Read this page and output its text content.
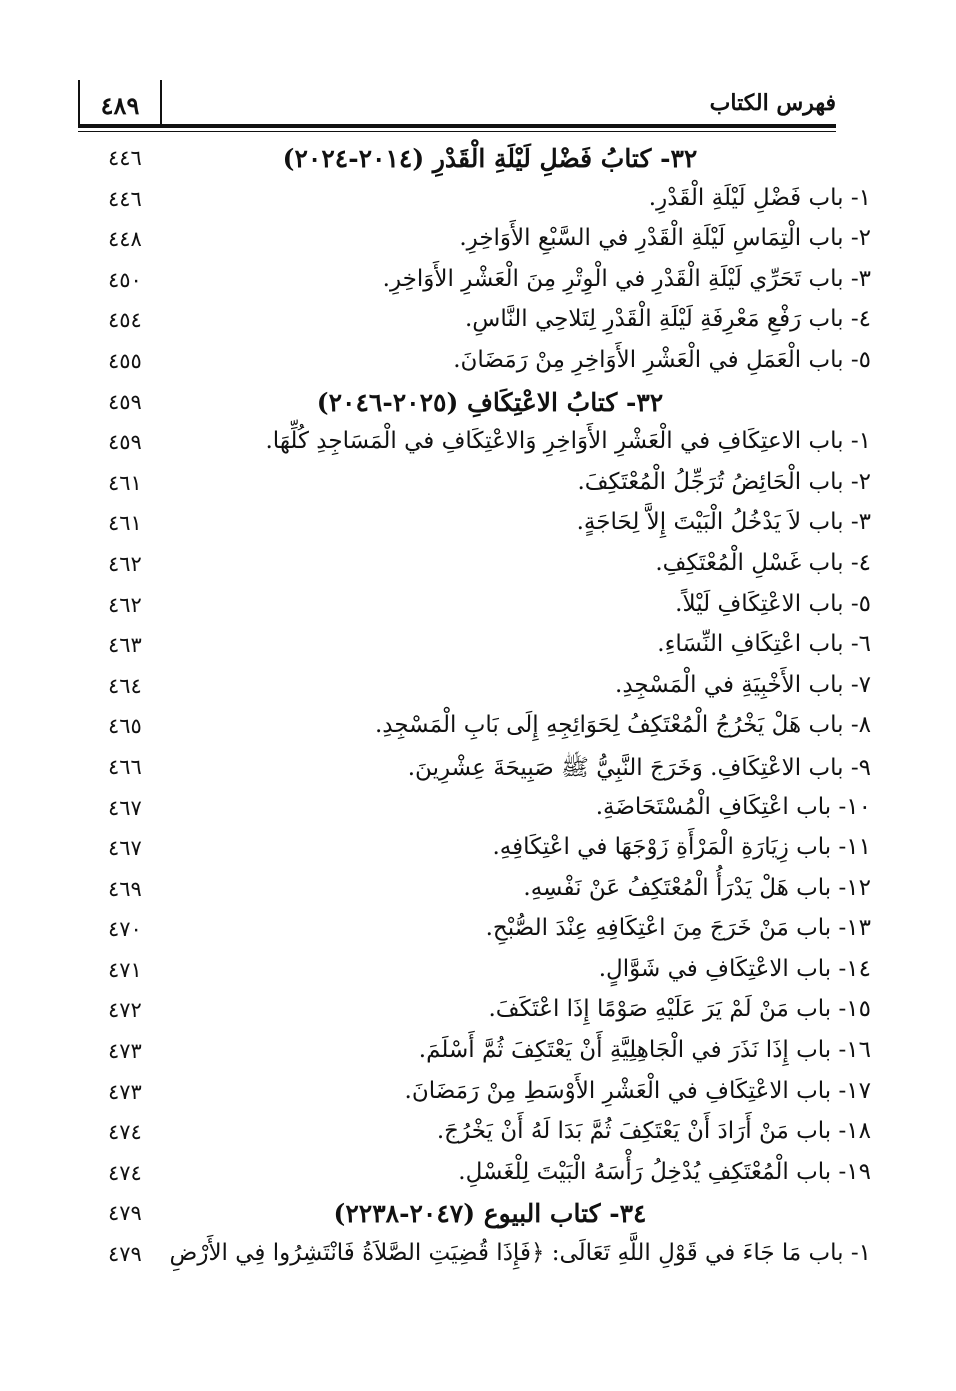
٤٨٩	فهرس الكتاب
٣٢- كتابُ فَضْلِ لَيْلَةِ الْقَدْرِ (٢٠١٤-٢٠٢٤)
٤٤٦
١- باب فَضْلِ لَيْلَةِ الْقَدْرِ.
٤٤٦
٢- باب الْتِمَاسِ لَيْلَةِ الْقَدْرِ في السَّبْعِ الأَوَاخِرِ.
٤٤٨
٣- باب تَحَرِّي لَيْلَةِ الْقَدْرِ في الْوِتْرِ مِنَ الْعَشْرِ الأَوَاخِرِ.
٤٥٠
٤- باب رَفْعِ مَعْرِفَةِ لَيْلَةِ الْقَدْرِ لِتَلاحِي النَّاسِ.
٤٥٤
٥- باب الْعَمَلِ في الْعَشْرِ الأَوَاخِرِ مِنْ رَمَضَانَ.
٤٥٥
٣٢- كتابُ الاعْتِكَافِ (٢٠٢٥-٢٠٤٦)
٤٥٩
١- باب الاعتِكَافِ في الْعَشْرِ الأَوَاخِرِ وَالاعْتِكَافِ في الْمَسَاجِدِ كُلِّهَا.
٤٥٩
٢- باب الْحَائِضُ تُرَجِّلُ الْمُعْتَكِفَ.
٤٦١
٣- باب لاَ يَدْخُلُ الْبَيْتَ إِلاَّ لِحَاجَةٍ.
٤٦١
٤- باب غَسْلِ الْمُعْتَكِفِ.
٤٦٢
٥- باب الاعْتِكَافِ لَيْلاً.
٤٦٢
٦- باب اعْتِكَافِ النِّسَاءِ.
٤٦٣
٧- باب الأَخْبِيَةِ في الْمَسْجِدِ.
٤٦٤
٨- باب هَلْ يَخْرُجُ الْمُعْتَكِفُ لِحَوَائِجِهِ إِلَى بَابِ الْمَسْجِدِ.
٤٦٥
٩- باب الاعْتِكَافِ. وَخَرَجَ النَّبِيُّ ﷺ صَبِيحَةَ عِشْرِينَ.
٤٦٦
١٠- باب اعْتِكَافِ الْمُسْتَحَاضَةِ.
٤٦٧
١١- باب زِيَارَةِ الْمَرْأَةِ زَوْجَهَا في اعْتِكَافِهِ.
٤٦٧
١٢- باب هَلْ يَدْرَأُ الْمُعْتَكِفُ عَنْ نَفْسِهِ.
٤٦٩
١٣- باب مَنْ خَرَجَ مِنَ اعْتِكَافِهِ عِنْدَ الصُّبْحِ.
٤٧٠
١٤- باب الاعْتِكَافِ في شَوَّالٍ.
٤٧١
١٥- باب مَنْ لَمْ يَرَ عَلَيْهِ صَوْمًا إِذَا اعْتَكَفَ.
٤٧٢
١٦- باب إِذَا نَذَرَ في الْجَاهِلِيَّةِ أَنْ يَعْتَكِفَ ثُمَّ أَسْلَمَ.
٤٧٣
١٧- باب الاعْتِكَافِ في الْعَشْرِ الأَوْسَطِ مِنْ رَمَضَانَ.
٤٧٣
١٨- باب مَنْ أَرَادَ أَنْ يَعْتَكِفَ ثُمَّ بَدَا لَهُ أَنْ يَخْرُجَ.
٤٧٤
١٩- باب الْمُعْتَكِفِ يُدْخِلُ رَأْسَهُ الْبَيْتَ لِلْغَسْلِ.
٤٧٤
٣٤- كتاب البيوع (٢٠٤٧-٢٢٣٨)
٤٧٩
١- باب مَا جَاءَ في قَوْلِ اللَّهِ تَعَالَى: ﴿فَإِذَا قُضِيَتِ الصَّلاَةُ فَانْتَشِرُوا فِي الأَرْضِ
٤٧٩
